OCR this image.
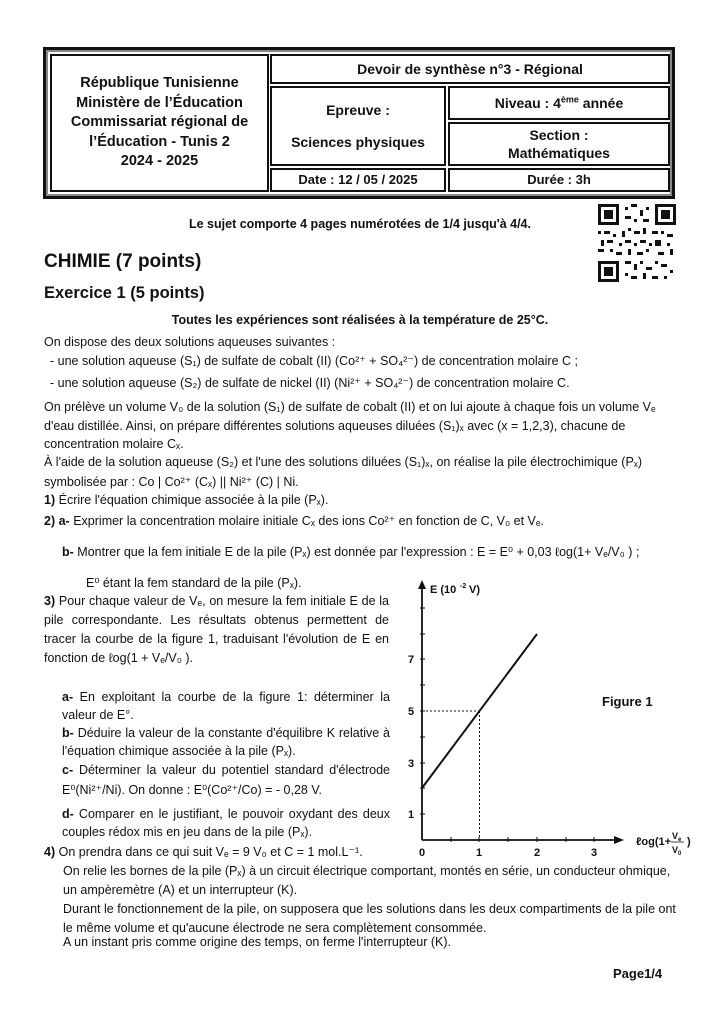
République Tunisienne
Ministère de l’Éducation
Commissariat régional de
l’Éducation - Tunis 2
2024 - 2025
Devoir de synthèse n°3 - Régional
Epreuve :
Sciences physiques
Niveau : 4ème année
Section :
Mathématiques
Date : 12 / 05 / 2025	Durée : 3h
Le sujet comporte 4 pages numérotées de 1/4 jusqu'à 4/4.
CHIMIE (7 points)
Exercice 1 (5 points)
Toutes les expériences sont réalisées à la température de 25°C.
On dispose des deux solutions aqueuses suivantes :
- une solution aqueuse (S₁) de sulfate de cobalt (II) (Co²⁺ + SO₄²⁻) de concentration molaire C ;
- une solution aqueuse (S₂) de sulfate de nickel (II) (Ni²⁺ + SO₄²⁻) de concentration molaire C.
On prélève un volume V₀ de la solution (S₁) de sulfate de cobalt (II) et on lui ajoute à chaque fois un volume Vₑ d'eau distillée. Ainsi, on prépare différentes solutions aqueuses diluées (S₁)ₓ avec (x = 1,2,3), chacune de concentration molaire Cₓ.
À l'aide de la solution aqueuse (S₂) et l'une des solutions diluées (S₁)ₓ, on réalise la pile électrochimique (Pₓ) symbolisée par : Co | Co²⁺ (Cₓ) || Ni²⁺ (C) | Ni.
1) Écrire l'équation chimique associée à la pile (Pₓ).
2) a- Exprimer la concentration molaire initiale Cₓ des ions Co²⁺ en fonction de C, V₀ et Vₑ.
b- Montrer que la fem initiale E de la pile (Pₓ) est donnée par l'expression : E = E⁰ + 0,03 ℓog(1+ Vₑ/V₀ ) ;
E⁰ étant la fem standard de la pile (Pₓ).
3) Pour chaque valeur de Vₑ, on mesure la fem initiale E de la pile correspondante. Les résultats obtenus permettent de tracer la courbe de la figure 1, traduisant l'évolution de E en fonction de ℓog(1 + Vₑ/V₀ ).
a- En exploitant la courbe de la figure 1: déterminer la valeur de E°.
b- Déduire la valeur de la constante d'équilibre K relative à l'équation chimique associée à la pile (Pₓ).
c- Déterminer la valeur du potentiel standard d'électrode E⁰(Ni²⁺/Ni). On donne : E⁰(Co²⁺/Co) = - 0,28 V.
d- Comparer en le justifiant, le pouvoir oxydant des deux couples rédox mis en jeu dans de la pile (Pₓ).
4) On prendra dans ce qui suit Vₑ = 9 V₀ et C = 1 mol.L⁻¹.
On relie les bornes de la pile (Pₓ) à un circuit électrique comportant, montés en série, un conducteur ohmique, un ampèremètre (A) et un interrupteur (K).
Durant le fonctionnement de la pile, on supposera que les solutions dans les deux compartiments de la pile ont le même volume et qu'aucune électrode ne sera complètement consommée.
A un instant pris comme origine des temps, on ferme l'interrupteur (K).
1
3
5
7
0	1	2	3
E (10 -2 V)
ℓog(1+ V e
V 0
)
Figure 1
Page1/4
